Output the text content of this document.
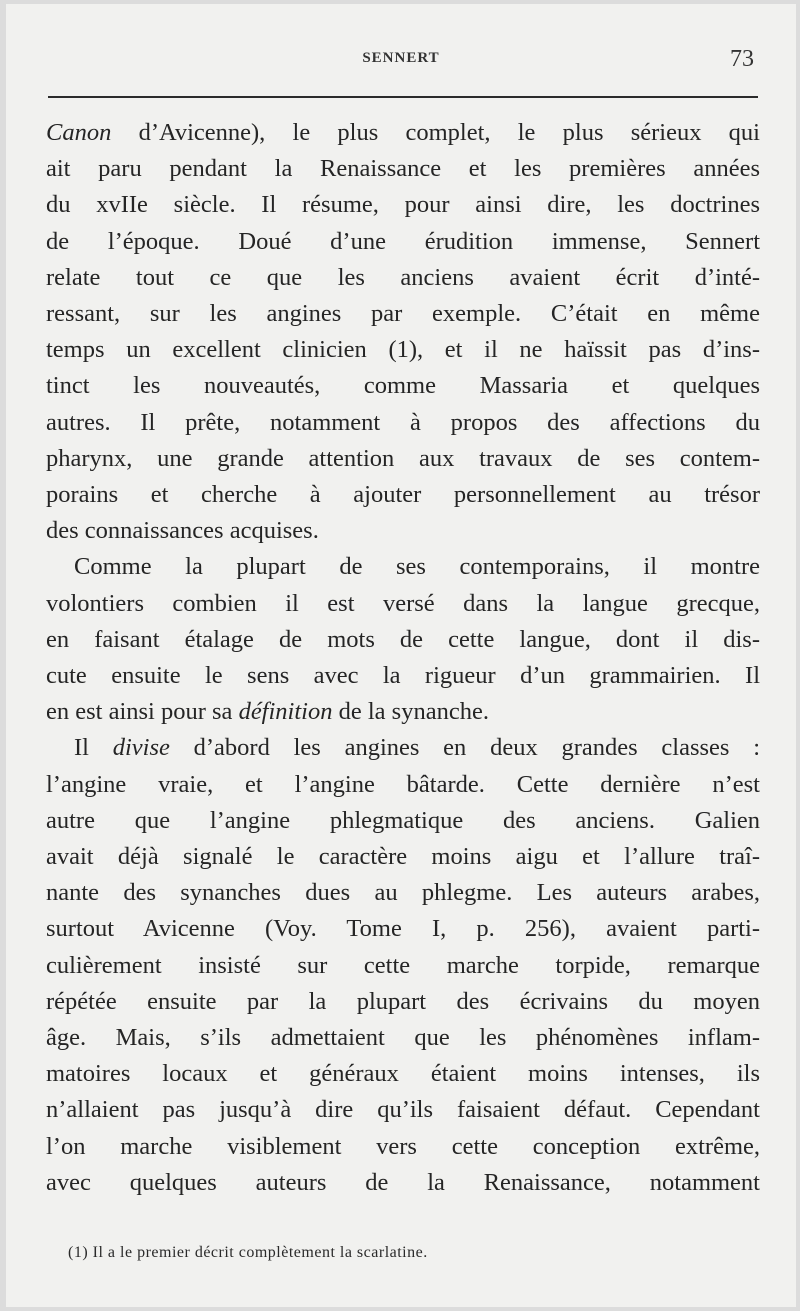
SENNERT	73
Canon d’Avicenne), le plus complet, le plus sérieux qui
ait paru pendant la Renaissance et les premières années
du xvIIe siècle. Il résume, pour ainsi dire, les doctrines
de l’époque. Doué d’une érudition immense, Sennert
relate tout ce que les anciens avaient écrit d’inté-
ressant, sur les angines par exemple. C’était en même
temps un excellent clinicien (1), et il ne haïssit pas d’ins-
tinct les nouveautés, comme Massaria et quelques
autres. Il prête, notamment à propos des affections du
pharynx, une grande attention aux travaux de ses contem-
porains et cherche à ajouter personnellement au trésor
des connaissances acquises.
Comme la plupart de ses contemporains, il montre
volontiers combien il est versé dans la langue grecque,
en faisant étalage de mots de cette langue, dont il dis-
cute ensuite le sens avec la rigueur d’un grammairien. Il
en est ainsi pour sa définition de la synanche.
Il divise d’abord les angines en deux grandes classes :
l’angine vraie, et l’angine bâtarde. Cette dernière n’est
autre que l’angine phlegmatique des anciens. Galien
avait déjà signalé le caractère moins aigu et l’allure traî-
nante des synanches dues au phlegme. Les auteurs arabes,
surtout Avicenne (Voy. Tome I, p. 256), avaient parti-
culièrement insisté sur cette marche torpide, remarque
répétée ensuite par la plupart des écrivains du moyen
âge. Mais, s’ils admettaient que les phénomènes inflam-
matoires locaux et généraux étaient moins intenses, ils
n’allaient pas jusqu’à dire qu’ils faisaient défaut. Cependant
l’on marche visiblement vers cette conception extrême,
avec quelques auteurs de la Renaissance, notamment
(1) Il a le premier décrit complètement la scarlatine.
